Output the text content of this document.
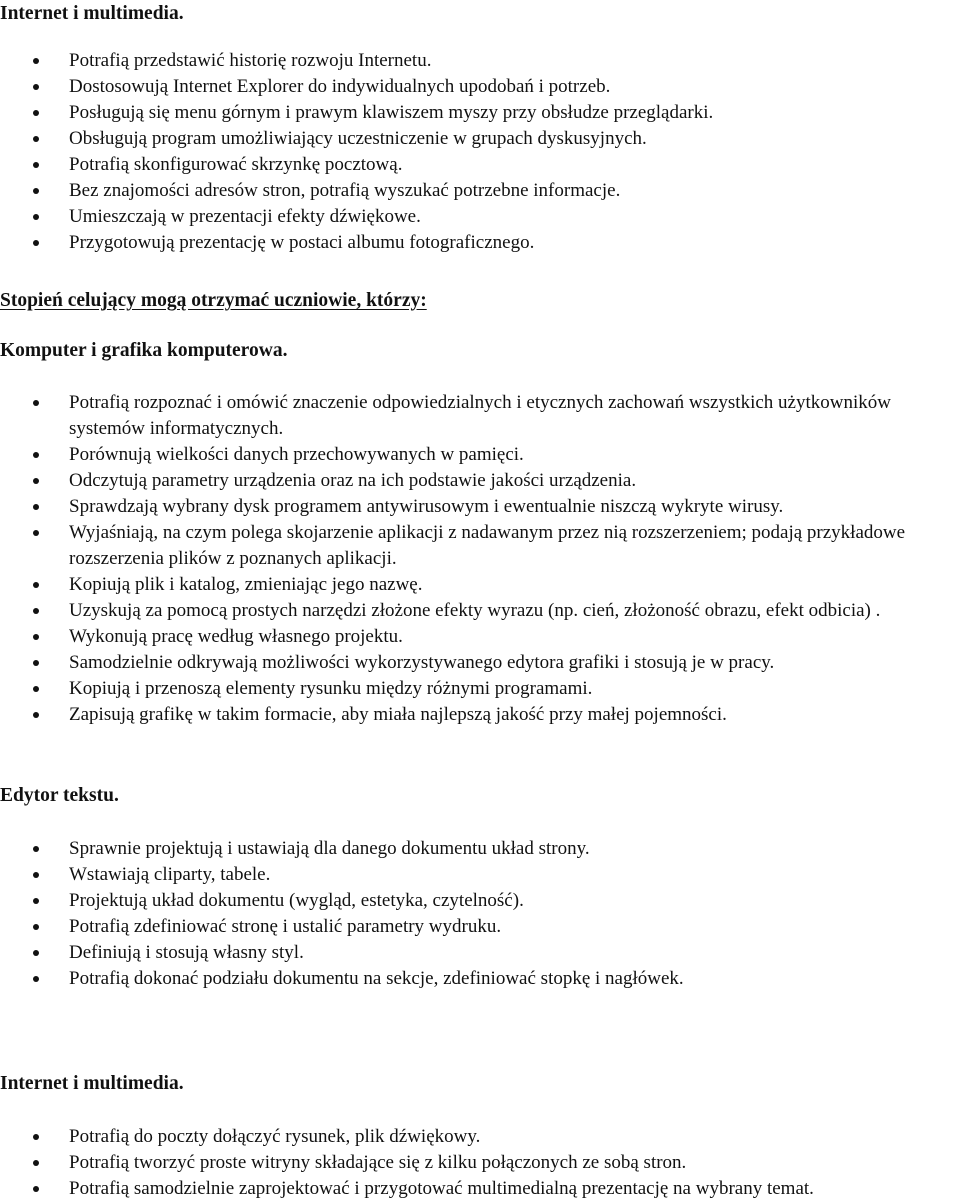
Internet i multimedia.
Potrafią przedstawić historię rozwoju Internetu.
Dostosowują Internet Explorer do indywidualnych upodobań i potrzeb.
Posługują się menu górnym i prawym klawiszem myszy przy obsłudze przeglądarki.
Obsługują program umożliwiający uczestniczenie w grupach dyskusyjnych.
Potrafią skonfigurować skrzynkę pocztową.
Bez znajomości adresów stron, potrafią wyszukać potrzebne informacje.
Umieszczają w prezentacji efekty dźwiękowe.
Przygotowują prezentację w postaci albumu fotograficznego.
Stopień celujący mogą otrzymać uczniowie, którzy:
Komputer i grafika komputerowa.
Potrafią rozpoznać i omówić znaczenie odpowiedzialnych i etycznych zachowań wszystkich użytkowników systemów informatycznych.
Porównują wielkości danych przechowywanych w pamięci.
Odczytują parametry urządzenia oraz na ich podstawie jakości urządzenia.
Sprawdzają wybrany dysk programem antywirusowym i ewentualnie niszczą wykryte wirusy.
Wyjaśniają, na czym polega skojarzenie aplikacji z nadawanym przez nią rozszerzeniem; podają przykładowe rozszerzenia plików z poznanych aplikacji.
Kopiują plik i katalog, zmieniając jego nazwę.
Uzyskują za pomocą prostych narzędzi złożone efekty wyrazu (np. cień, złożoność obrazu, efekt odbicia) .
Wykonują pracę według własnego projektu.
Samodzielnie odkrywają możliwości wykorzystywanego edytora grafiki i stosują je w pracy.
Kopiują i przenoszą elementy rysunku między różnymi programami.
Zapisują grafikę w takim formacie, aby miała najlepszą jakość przy małej pojemności.
Edytor tekstu.
Sprawnie projektują i ustawiają dla danego dokumentu układ strony.
Wstawiają cliparty, tabele.
Projektują układ dokumentu (wygląd, estetyka, czytelność).
Potrafią zdefiniować stronę i ustalić parametry wydruku.
Definiują i stosują własny styl.
Potrafią dokonać podziału dokumentu na sekcje, zdefiniować stopkę i nagłówek.
Internet i multimedia.
Potrafią do poczty dołączyć rysunek, plik dźwiękowy.
Potrafią tworzyć proste witryny składające się z kilku połączonych ze sobą stron.
Potrafią samodzielnie zaprojektować i przygotować multimedialną prezentację na wybrany temat.
